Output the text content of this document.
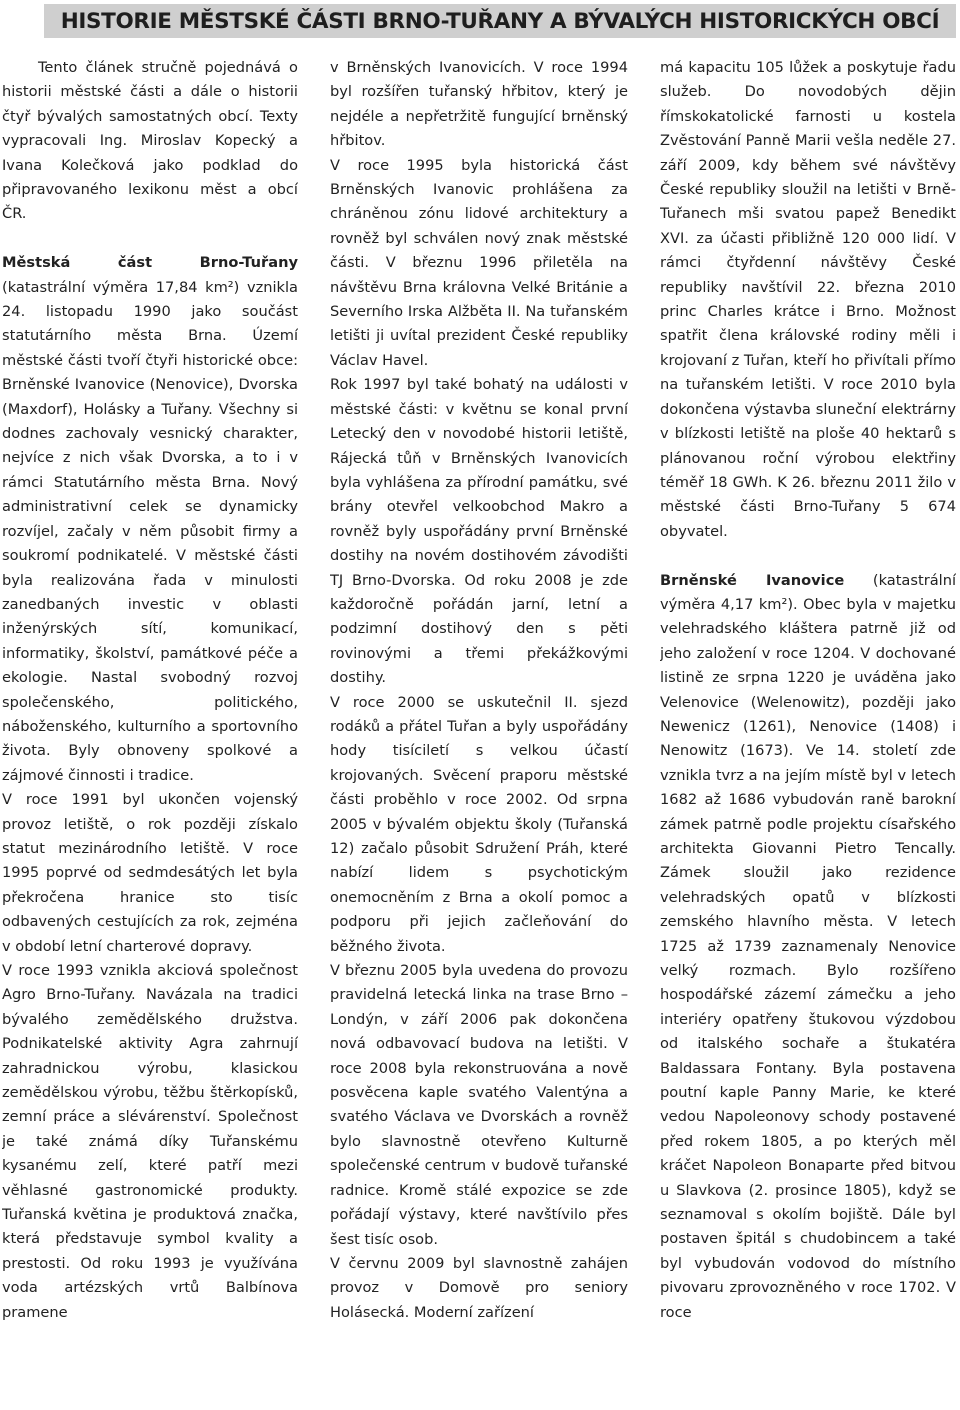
HISTORIE MĚSTSKÉ ČÁSTI BRNO-TUŘANY A BÝVALÝCH HISTORICKÝCH OBCÍ

Tento článek stručně pojednává o historii městské části a dále o historii čtyř bývalých samostatných obcí. Texty vypracovali Ing. Miroslav Kopecký a Ivana Kolečková jako podklad do připravovaného lexikonu měst a obcí ČR.

Městská část Brno-Tuřany (katastrální výměra 17,84 km²) vznikla 24. listopadu 1990 jako součást statutárního města Brna. Území městské části tvoří čtyři historické obce: Brněnské Ivanovice (Nenovice), Dvorska (Maxdorf), Holásky a Tuřany. Všechny si dodnes zachovaly vesnický charakter, nejvíce z nich však Dvorska, a to i v rámci Statutárního města Brna. Nový administrativní celek se dynamicky rozvíjel, začaly v něm působit firmy a soukromí podnikatelé. V městské části byla realizována řada v minulosti zanedbaných investic v oblasti inženýrských sítí, komunikací, informatiky, školství, památkové péče a ekologie. Nastal svobodný rozvoj společenského, politického, náboženského, kulturního a sportovního života. Byly obnoveny spolkové a zájmové činnosti i tradice.

V roce 1991 byl ukončen vojenský provoz letiště, o rok později získalo statut mezinárodního letiště. V roce 1995 poprvé od sedmdesátých let byla překročena hranice sto tisíc odbavených cestujících za rok, zejména v období letní charterové dopravy.

V roce 1993 vznikla akciová společnost Agro Brno-Tuřany. Navázala na tradici bývalého zemědělského družstva. Podnikatelské aktivity Agra zahrnují zahradnickou výrobu, klasickou zemědělskou výrobu, těžbu štěrkopísků, zemní práce a slévárenství. Společnost je také známá díky Tuřanskému kysanému zelí, které patří mezi věhlasné gastronomické produkty. Tuřanská květina je produktová značka, která představuje symbol kvality a prestosti. Od roku 1993 je využívána voda artézských vrtů Balbínova pramene

v Brněnských Ivanovicích. V roce 1994 byl rozšířen tuřanský hřbitov, který je nejdéle a nepřetržitě fungující brněnský hřbitov.

V roce 1995 byla historická část Brněnských Ivanovic prohlášena za chráněnou zónu lidové architektury a rovněž byl schválen nový znak městské části. V březnu 1996 přiletěla na návštěvu Brna královna Velké Británie a Severního Irska Alžběta II. Na tuřanském letišti ji uvítal prezident České republiky Václav Havel.

Rok 1997 byl také bohatý na události v městské části: v květnu se konal první Letecký den v novodobé historii letiště, Rájecká tůň v Brněnských Ivanovicích byla vyhlášena za přírodní památku, své brány otevřel velkoobchod Makro a rovněž byly uspořádány první Brněnské dostihy na novém dostihovém závodišti TJ Brno-Dvorska. Od roku 2008 je zde každoročně pořádán jarní, letní a podzimní dostihový den s pěti rovinovými a třemi překážkovými dostihy.

V roce 2000 se uskutečnil II. sjezd rodáků a přátel Tuřan a byly uspořádány hody tisíciletí s velkou účastí krojovaných. Svěcení praporu městské části proběhlo v roce 2002. Od srpna 2005 v bývalém objektu školy (Tuřanská 12) začalo působit Sdružení Práh, které nabízí lidem s psychotickým onemocněním z Brna a okolí pomoc a podporu při jejich začleňování do běžného života.

V březnu 2005 byla uvedena do provozu pravidelná letecká linka na trase Brno – Londýn, v září 2006 pak dokončena nová odbavovací budova na letišti. V roce 2008 byla rekonstruována a nově posvěcena kaple svatého Valentýna a svatého Václava ve Dvorskách a rovněž bylo slavnostně otevřeno Kulturně společenské centrum v budově tuřanské radnice. Kromě stálé expozice se zde pořádají výstavy, které navštívilo přes šest tisíc osob.

V červnu 2009 byl slavnostně zahájen provoz v Domově pro seniory Holásecká. Moderní zařízení

má kapacitu 105 lůžek a poskytuje řadu služeb. Do novodobých dějin římskokatolické farnosti u kostela Zvěstování Panně Marii vešla neděle 27. září 2009, kdy během své návštěvy České republiky sloužil na letišti v Brně-Tuřanech mši svatou papež Benedikt XVI. za účasti přibližně 120 000 lidí. V rámci čtyřdenní návštěvy České republiky navštívil 22. března 2010 princ Charles krátce i Brno. Možnost spatřit člena královské rodiny měli i krojovaní z Tuřan, kteří ho přivítali přímo na tuřanském letišti. V roce 2010 byla dokončena výstavba sluneční elektrárny v blízkosti letiště na ploše 40 hektarů s plánovanou roční výrobou elektřiny téměř 18 GWh. K 26. březnu 2011 žilo v městské části Brno-Tuřany 5 674 obyvatel.

Brněnské Ivanovice (katastrální výměra 4,17 km²). Obec byla v majetku velehradského kláštera patrně již od jeho založení v roce 1204. V dochované listině ze srpna 1220 je uváděna jako Velenovice (Welenowitz), později jako Newenicz (1261), Nenovice (1408) i Nenowitz (1673). Ve 14. století zde vznikla tvrz a na jejím místě byl v letech 1682 až 1686 vybudován raně barokní zámek patrně podle projektu císařského architekta Giovanni Pietro Tencally. Zámek sloužil jako rezidence velehradských opatů v blízkosti zemského hlavního města. V letech 1725 až 1739 zaznamenaly Nenovice velký rozmach. Bylo rozšířeno hospodářské zázemí zámečku a jeho interiéry opatřeny štukovou výzdobou od italského sochaře a štukatéra Baldassara Fontany. Byla postavena poutní kaple Panny Marie, ke které vedou Napoleonovy schody postavené před rokem 1805, a po kterých měl kráčet Napoleon Bonaparte před bitvou u Slavkova (2. prosince 1805), když se seznamoval s okolím bojiště. Dále byl postaven špitál s chudobincem a také byl vybudován vodovod do místního pivovaru zprovozněného v roce 1702. V roce
